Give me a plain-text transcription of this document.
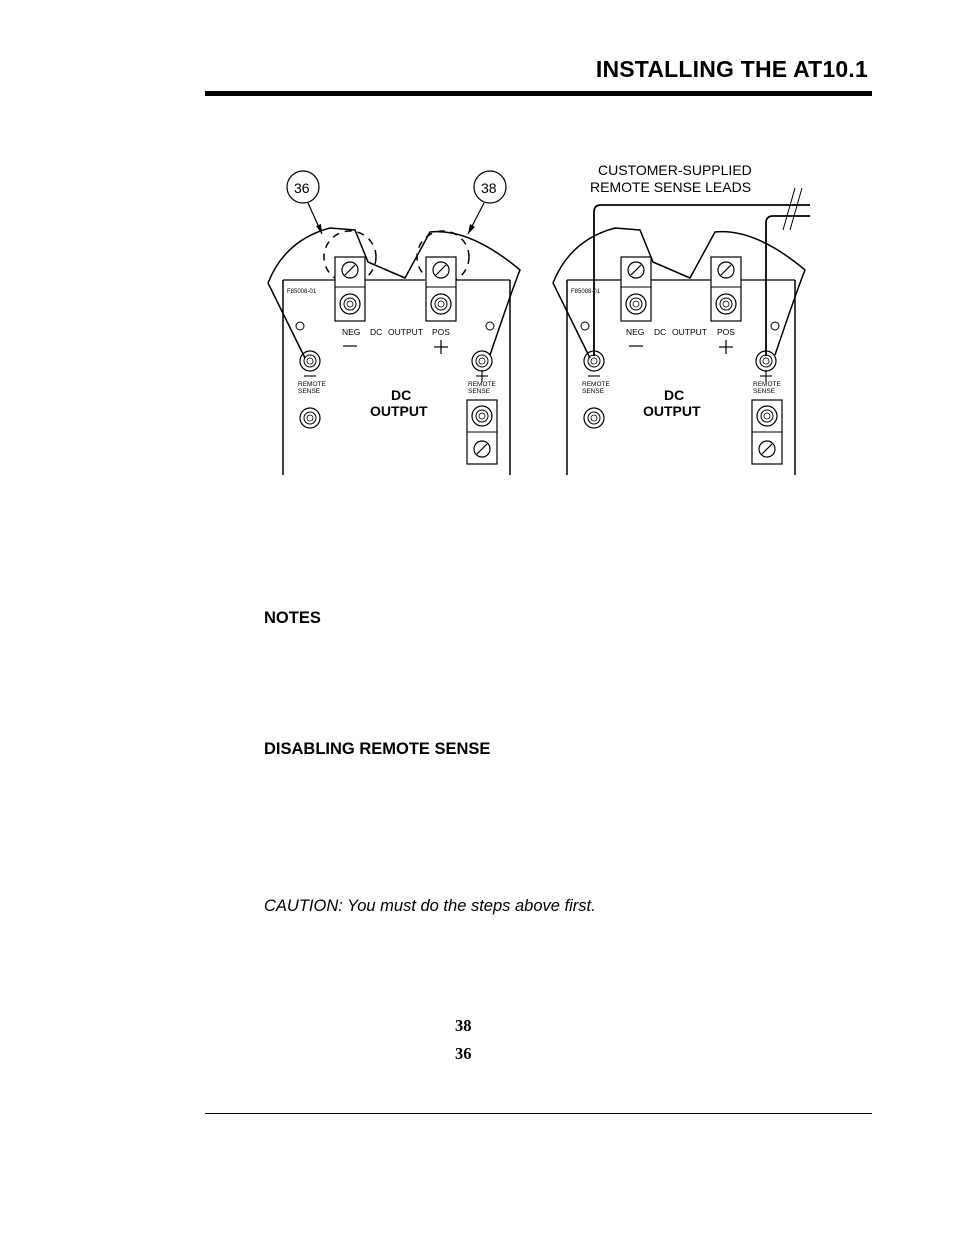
INSTALLING THE AT10.1
F85008-01
NEG DC OUTPUT POS
REMOTE
SENSE
REMOTE
SENSE
DC
OUTPUT
36	38
F85008-01
NEG DC OUTPUT POS
REMOTE
SENSE
REMOTE
SENSE
DC
OUTPUT
CUSTOMER-SUPPLIED
REMOTE SENSE LEADS
NOTES
DISABLING REMOTE SENSE
CAUTION: You must do the steps above first.
38
36
